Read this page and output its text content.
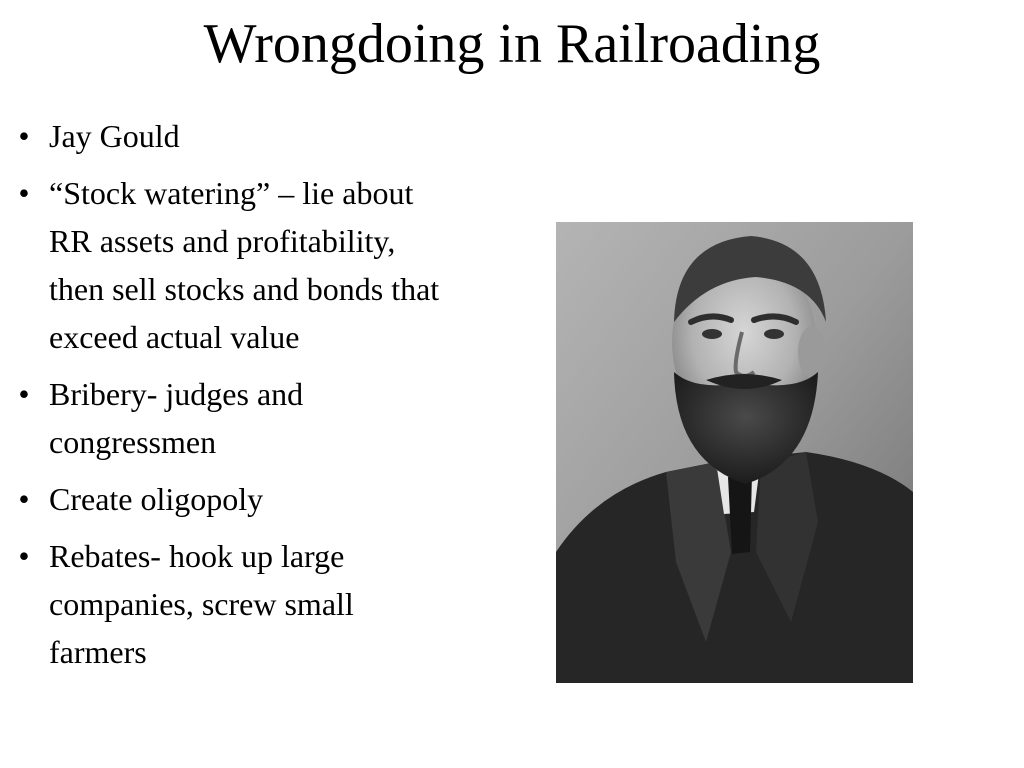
Wrongdoing in Railroading
• Jay Gould
• “Stock watering” – lie about RR assets and profitability, then sell stocks and bonds that exceed actual value
• Bribery- judges and congressmen
• Create oligopoly
• Rebates- hook up large companies, screw small farmers
